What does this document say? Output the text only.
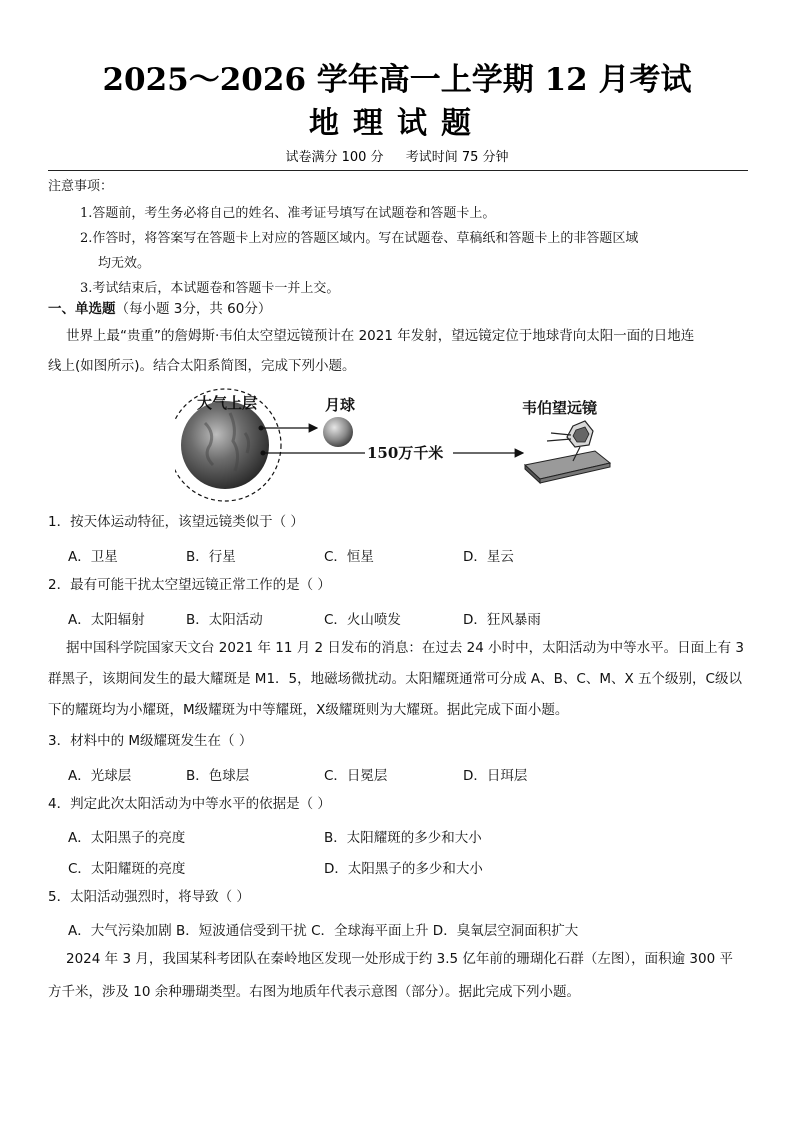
2025～2026 学年高一上学期 12 月考试
地理试题
试卷满分 100 分 考试时间 75 分钟
注意事项：
1.答题前，考生务必将自己的姓名、准考证号填写在试题卷和答题卡上。
2.作答时，将答案写在答题卡上对应的答题区域内。写在试题卷、草稿纸和答题卡上的非答题区域
均无效。
3.考试结束后，本试题卷和答题卡一并上交。
一、单选题（每小题 3分，共 60分）
世界上最“贵重”的詹姆斯·韦伯太空望远镜预计在 2021 年发射，望远镜定位于地球背向太阳一面的日地连
线上(如图所示)。结合太阳系简图，完成下列小题。
大气上层	月球
150万千米
韦伯望远镜
1．按天体运动特征，该望远镜类似于（ ）
A．卫星	B．行星	C．恒星	D．星云
2．最有可能干扰太空望远镜正常工作的是（ ）
A．太阳辐射	B．太阳活动	C．火山喷发	D．狂风暴雨
据中国科学院国家天文台 2021 年 11 月 2 日发布的消息：在过去 24 小时中，太阳活动为中等水平。日面上有 3
群黑子，该期间发生的最大耀斑是 M1．5，地磁场微扰动。太阳耀斑通常可分成 A、B、C、M、X 五个级别，C级以
下的耀斑均为小耀斑，M级耀斑为中等耀斑，X级耀斑则为大耀斑。据此完成下面小题。
3．材料中的 M级耀斑发生在（ ）
A．光球层	B．色球层	C．日冕层	D．日珥层
4．判定此次太阳活动为中等水平的依据是（ ）
A．太阳黑子的亮度	B．太阳耀斑的多少和大小
C．太阳耀斑的亮度	D．太阳黑子的多少和大小
5．太阳活动强烈时，将导致（ ）
A．大气污染加剧 B．短波通信受到干扰 C．全球海平面上升 D．臭氧层空洞面积扩大
2024 年 3 月，我国某科考团队在秦岭地区发现一处形成于约 3.5 亿年前的珊瑚化石群（左图），面积逾 300 平
方千米，涉及 10 余种珊瑚类型。右图为地质年代表示意图（部分）。据此完成下列小题。
